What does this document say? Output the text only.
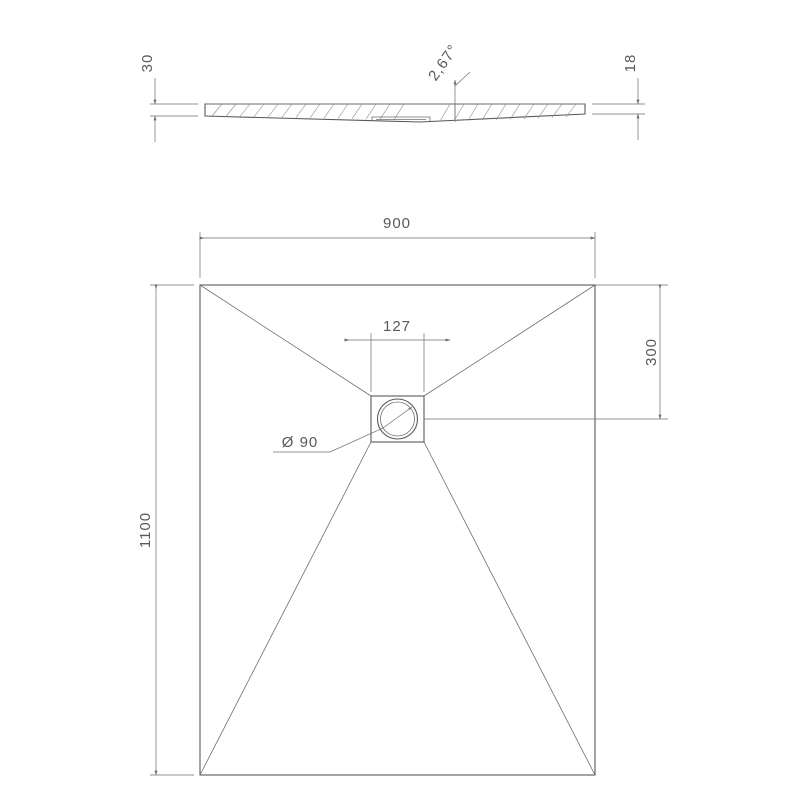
30	18
2,67°
900
1100
127
300
Ø 90
